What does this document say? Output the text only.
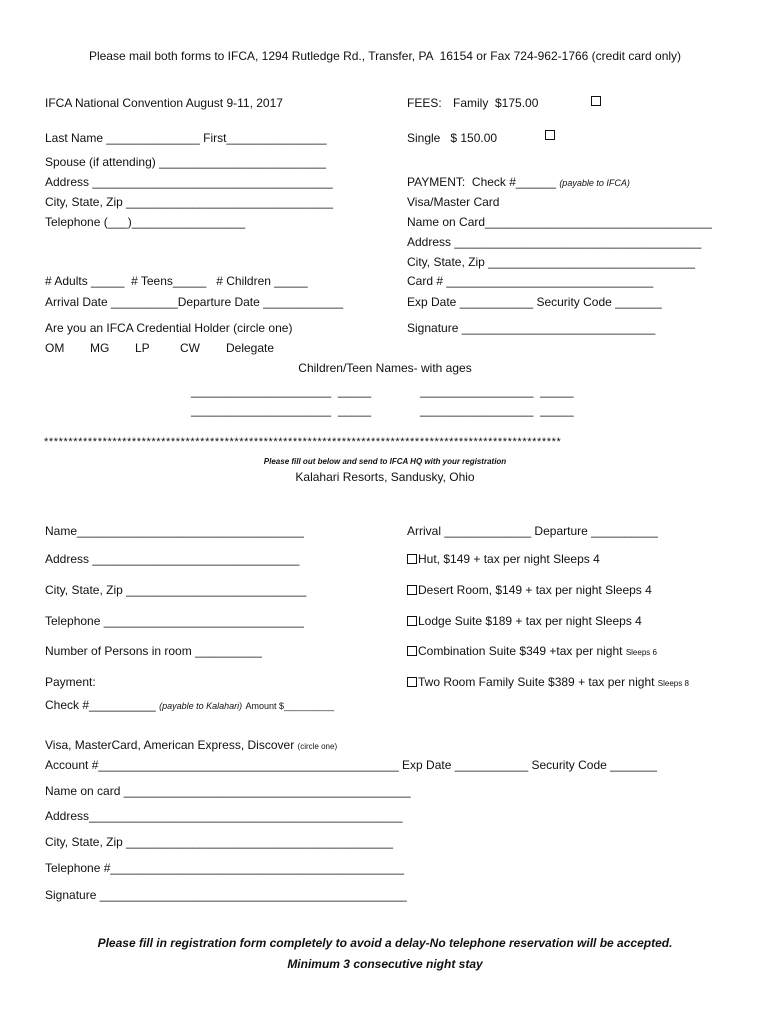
Please mail both forms to IFCA, 1294 Rutledge Rd., Transfer, PA  16154 or Fax 724-962-1766 (credit card only)
IFCA National Convention August 9-11, 2017
Last Name ______________ First_______________
Spouse (if attending) _________________________
Address ____________________________________
City, State, Zip _______________________________
Telephone (___)_________________
# Adults _____  # Teens_____   # Children _____
Arrival Date __________Departure Date ____________
Are you an IFCA Credential Holder (circle one)
OM MG LP	CW Delegate
Children/Teen Names- with ages
_____________________  _____	_________________  _____
_____________________  _____	_________________  _____
FEES: Family  $175.00
Single   $ 150.00
PAYMENT:  Check #______ (payable to IFCA)
Visa/Master Card
Name on Card__________________________________
Address _____________________________________
City, State, Zip _______________________________
Card # _______________________________
Exp Date ___________ Security Code _______
Signature _____________________________
**********************************************************************************************************
Please fill out below and send to IFCA HQ with your registration
Kalahari Resorts, Sandusky, Ohio
Name__________________________________
Address _______________________________
City, State, Zip ___________________________
Telephone ______________________________
Number of Persons in room __________
Payment:
Check #__________ (payable to Kalahari) Amount $__________
Visa, MasterCard, American Express, Discover (circle one)
Account #_____________________________________________ Exp Date ___________ Security Code _______
Name on card ___________________________________________
Address_______________________________________________
City, State, Zip ________________________________________
Telephone #____________________________________________
Signature ______________________________________________
Arrival _____________ Departure __________
Hut, $149 + tax per night Sleeps 4
Desert Room, $149 + tax per night Sleeps 4
Lodge Suite $189 + tax per night Sleeps 4
Combination Suite $349 +tax per night Sleeps 6
Two Room Family Suite $389 + tax per night Sleeps 8
Please fill in registration form completely to avoid a delay-No telephone reservation will be accepted.
Minimum 3 consecutive night stay
